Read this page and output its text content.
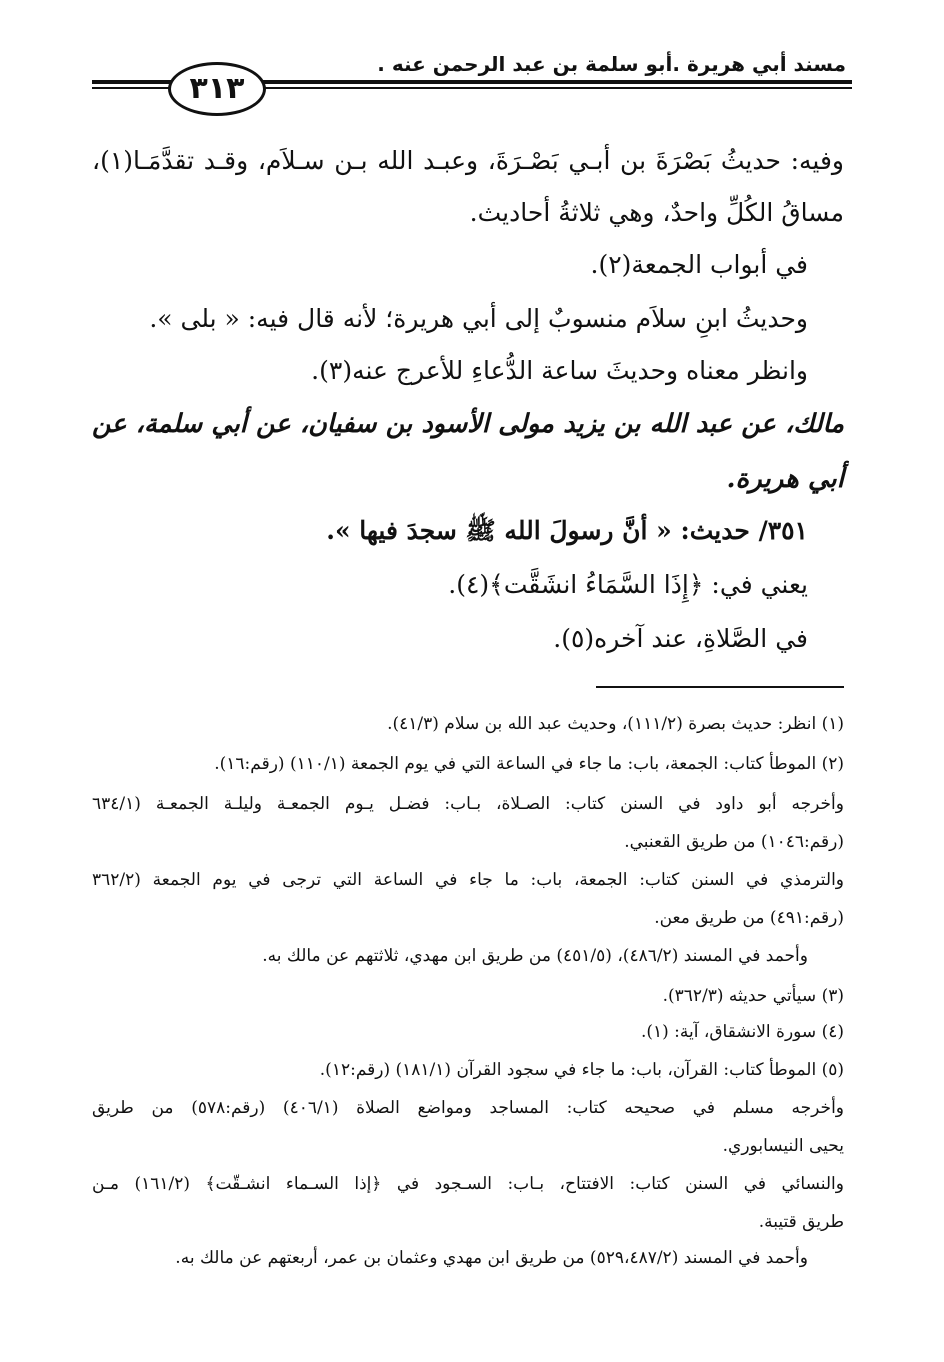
مسند أبي هريرة .أبو سلمة بن عبد الرحمن عنه .
٣١٣
وفيه: حديثُ بَصْرَةَ بن أبـي بَصْـرَةَ، وعبـد الله بـن سـلاَم، وقـد تقدَّمَـا(١)،
مساقُ الكُلِّ واحدٌ، وهي ثلاثةُ أحاديث.
في أبواب الجمعة(٢).
وحديثُ ابنِ سلاَم منسوبٌ إلى أبي هريرة؛ لأنه قال فيه: « بلى ».
وانظر معناه وحديثَ ساعة الدُّعاءِ للأعرج عنه(٣).
مالك، عن عبد الله بن يزيد مولى الأسود بن سفيان، عن أبي سلمة، عن
أبي هريرة.
٣٥١/ حديث: « أنَّ رسولَ الله ﷺ سجدَ فيها ».
يعني في: ﴿إِذَا السَّمَاءُ انشَقَّت﴾(٤).
في الصَّلاةِ، عند آخره(٥).
(١) انظر: حديث بصرة (١١١/٢)، وحديث عبد الله بن سلام (٤١/٣).
(٢) الموطأ كتاب: الجمعة، باب: ما جاء في الساعة التي في يوم الجمعة (١١٠/١) (رقم:١٦).
وأخرجه أبو داود في السنن كتاب: الصـلاة، بـاب: فضـل يـوم الجمعـة وليلـة الجمعـة (٦٣٤/١
(رقم:١٠٤٦) من طريق القعنبي.
والترمذي في السنن كتاب: الجمعة، باب: ما جاء في الساعة التي ترجى في يوم الجمعة (٣٦٢/٢
(رقم:٤٩١) من طريق معن.
وأحمد في المسند (٤٨٦/٢)، (٤٥١/٥) من طريق ابن مهدي، ثلاثتهم عن مالك به.
(٣) سيأتي حديثه (٣٦٢/٣).
(٤) سورة الانشقاق، آية: (١).
(٥) الموطأ كتاب: القرآن، باب: ما جاء في سجود القرآن (١٨١/١) (رقم:١٢).
وأخرجه مسلم في صحيحه كتاب: المساجد ومواضع الصلاة (٤٠٦/١) (رقم:٥٧٨) من طريق
يحيى النيسابوري.
والنسائي في السنن كتاب: الافتتاح، بـاب: السـجود في ﴿إذا السـماء انشـقّت﴾ (١٦١/٢) مـن
طريق قتيبة.
وأحمد في المسند (٥٢٩،٤٨٧/٢) من طريق ابن مهدي وعثمان بن عمر، أربعتهم عن مالك به.
